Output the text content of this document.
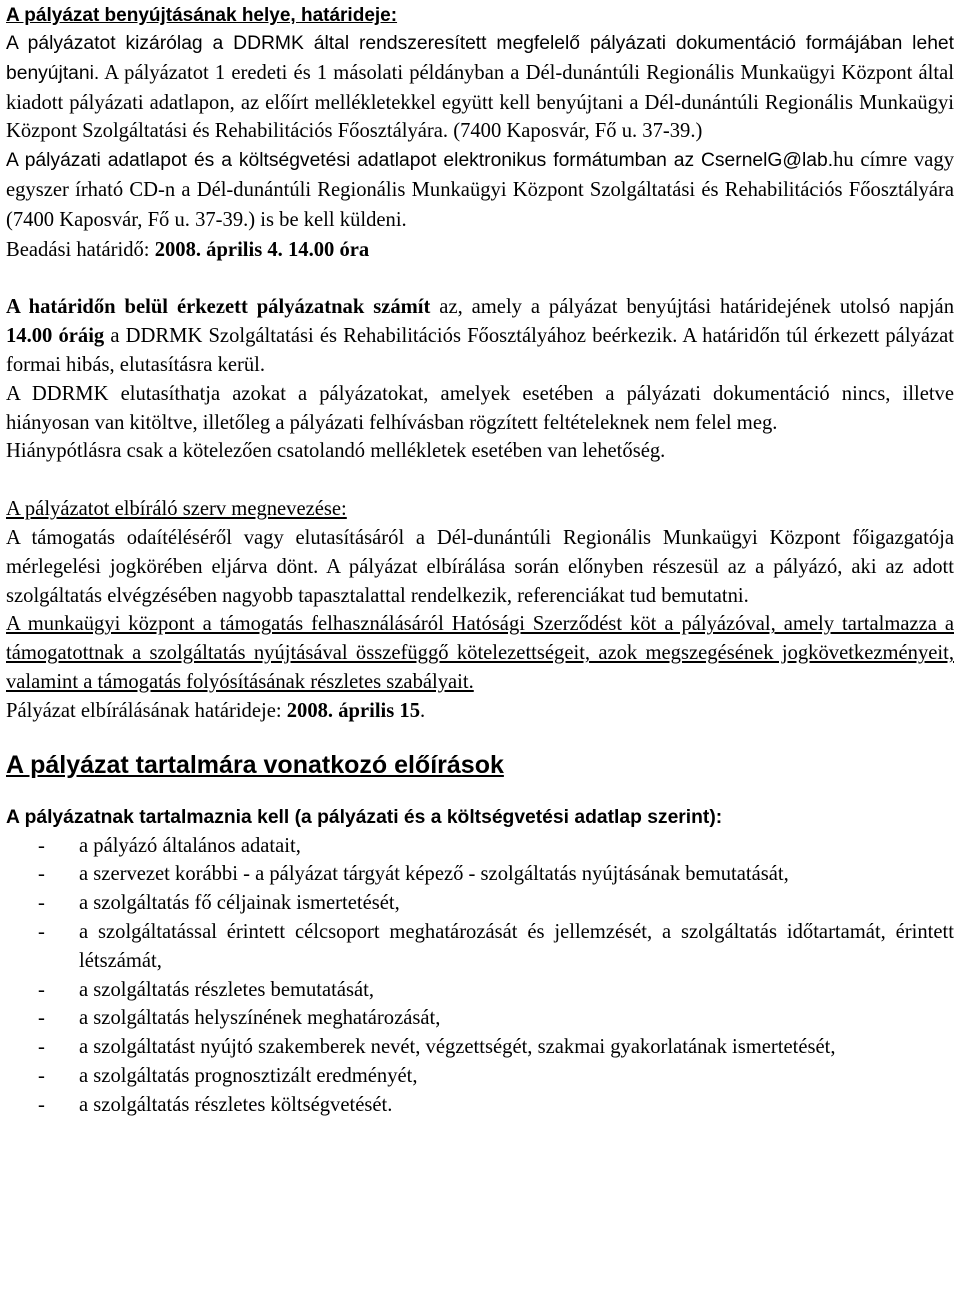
A pályázat benyújtásának helye, határideje:

A pályázatot kizárólag a DDRMK által rendszeresített megfelelő pályázati dokumentáció formájában lehet benyújtani. A pályázatot 1 eredeti és 1 másolati példányban a Dél-dunántúli Regionális Munkaügyi Központ által kiadott pályázati adatlapon, az előírt mellékletekkel együtt kell benyújtani a Dél-dunántúli Regionális Munkaügyi Központ Szolgáltatási és Rehabilitációs Főosztályára. (7400 Kaposvár, Fő u. 37-39.)

A pályázati adatlapot és a költségvetési adatlapot elektronikus formátumban az CsernelG@lab.hu címre vagy egyszer írható CD-n a Dél-dunántúli Regionális Munkaügyi Központ Szolgáltatási és Rehabilitációs Főosztályára (7400 Kaposvár, Fő u. 37-39.) is be kell küldeni.

Beadási határidő: 2008. április 4. 14.00 óra

A határidőn belül érkezett pályázatnak számít az, amely a pályázat benyújtási határidejének utolsó napján 14.00 óráig a DDRMK Szolgáltatási és Rehabilitációs Főosztályához beérkezik. A határidőn túl érkezett pályázat formai hibás, elutasításra kerül.

A DDRMK elutasíthatja azokat a pályázatokat, amelyek esetében a pályázati dokumentáció nincs, illetve hiányosan van kitöltve, illetőleg a pályázati felhívásban rögzített feltételeknek nem felel meg.

Hiánypótlásra csak a kötelezően csatolandó mellékletek esetében van lehetőség.

A pályázatot elbíráló szerv megnevezése:

A támogatás odaítéléséről vagy elutasításáról a Dél-dunántúli Regionális Munkaügyi Központ főigazgatója mérlegelési jogkörében eljárva dönt. A pályázat elbírálása során előnyben részesül az a pályázó, aki az adott szolgáltatás elvégzésében nagyobb tapasztalattal rendelkezik, referenciákat tud bemutatni.

A munkaügyi központ a támogatás felhasználásáról Hatósági Szerződést köt a pályázóval, amely tartalmazza a támogatottnak a szolgáltatás nyújtásával összefüggő kötelezettségeit, azok megszegésének jogkövetkezményeit, valamint a támogatás folyósításának részletes szabályait.

Pályázat elbírálásának határideje: 2008. április 15.

A pályázat tartalmára vonatkozó előírások
A pályázatnak tartalmaznia kell (a pályázati és a költségvetési adatlap szerint):
- a pályázó általános adatait,
- a szervezet korábbi - a pályázat tárgyát képező - szolgáltatás nyújtásának bemutatását,
- a szolgáltatás fő céljainak ismertetését,
- a szolgáltatással érintett célcsoport meghatározását és jellemzését, a szolgáltatás időtartamát, érintett létszámát,
- a szolgáltatás részletes bemutatását,
- a szolgáltatás helyszínének meghatározását,
- a szolgáltatást nyújtó szakemberek nevét, végzettségét, szakmai gyakorlatának ismertetését,
- a szolgáltatás prognosztizált eredményét,
- a szolgáltatás részletes költségvetését.
